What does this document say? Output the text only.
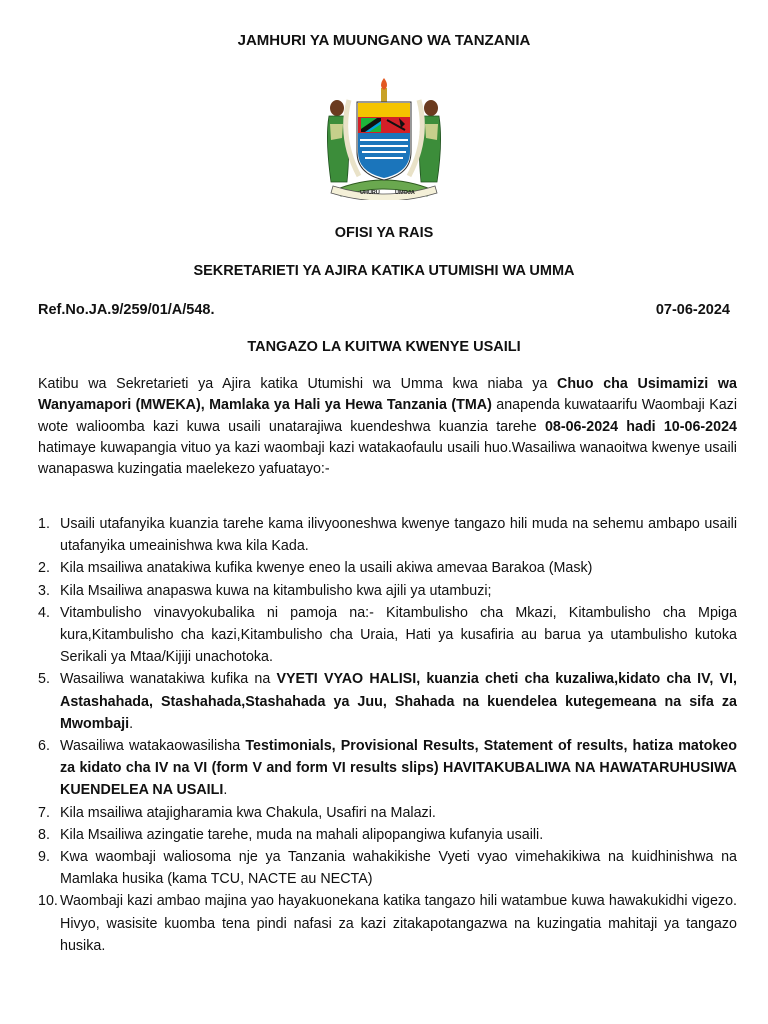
JAMHURI YA MUUNGANO WA TANZANIA
UHURU	UMOJA
OFISI YA RAIS
SEKRETARIETI YA AJIRA KATIKA UTUMISHI WA UMMA
Ref.No.JA.9/259/01/A/548.	07-06-2024
TANGAZO LA KUITWA KWENYE USAILI
Katibu wa Sekretarieti ya Ajira katika Utumishi wa Umma kwa niaba ya Chuo cha Usimamizi wa Wanyamapori (MWEKA), Mamlaka ya Hali ya Hewa Tanzania (TMA) anapenda kuwataarifu Waombaji Kazi wote walioomba kazi kuwa usaili unatarajiwa kuendeshwa kuanzia tarehe 08-06-2024 hadi 10-06-2024 hatimaye kuwapangia vituo ya kazi waombaji kazi watakaofaulu usaili huo.Wasailiwa wanaoitwa kwenye usaili wanapaswa kuzingatia maelekezo yafuatayo:-
1. Usaili utafanyika kuanzia tarehe kama ilivyooneshwa kwenye tangazo hili muda na sehemu ambapo usaili utafanyika umeainishwa kwa kila Kada.
2. Kila msailiwa anatakiwa kufika kwenye eneo la usaili akiwa amevaa Barakoa (Mask)
3. Kila Msailiwa anapaswa kuwa na kitambulisho kwa ajili ya utambuzi;
4. Vitambulisho vinavyokubalika ni pamoja na:- Kitambulisho cha Mkazi, Kitambulisho cha Mpiga kura,Kitambulisho cha kazi,Kitambulisho cha Uraia, Hati ya kusafiria au barua ya utambulisho kutoka Serikali ya Mtaa/Kijiji unachotoka.
5. Wasailiwa wanatakiwa kufika na VYETI VYAO HALISI, kuanzia cheti cha kuzaliwa,kidato cha IV, VI, Astashahada, Stashahada,Stashahada ya Juu, Shahada na kuendelea kutegemeana na sifa za Mwombaji.
6. Wasailiwa watakaowasilisha Testimonials, Provisional Results, Statement of results, hatiza matokeo za kidato cha IV na VI (form V and form VI results slips) HAVITAKUBALIWA NA HAWATARUHUSIWA KUENDELEA NA USAILI.
7. Kila msailiwa atajigharamia kwa Chakula, Usafiri na Malazi.
8. Kila Msailiwa azingatie tarehe, muda na mahali alipopangiwa kufanyia usaili.
9. Kwa waombaji waliosoma nje ya Tanzania wahakikishe Vyeti vyao vimehakikiwa na kuidhinishwa na Mamlaka husika (kama TCU, NACTE au NECTA)
10. Waombaji kazi ambao majina yao hayakuonekana katika tangazo hili watambue kuwa hawakukidhi vigezo. Hivyo, wasisite kuomba tena pindi nafasi za kazi zitakapotangazwa na kuzingatia mahitaji ya tangazo husika.
